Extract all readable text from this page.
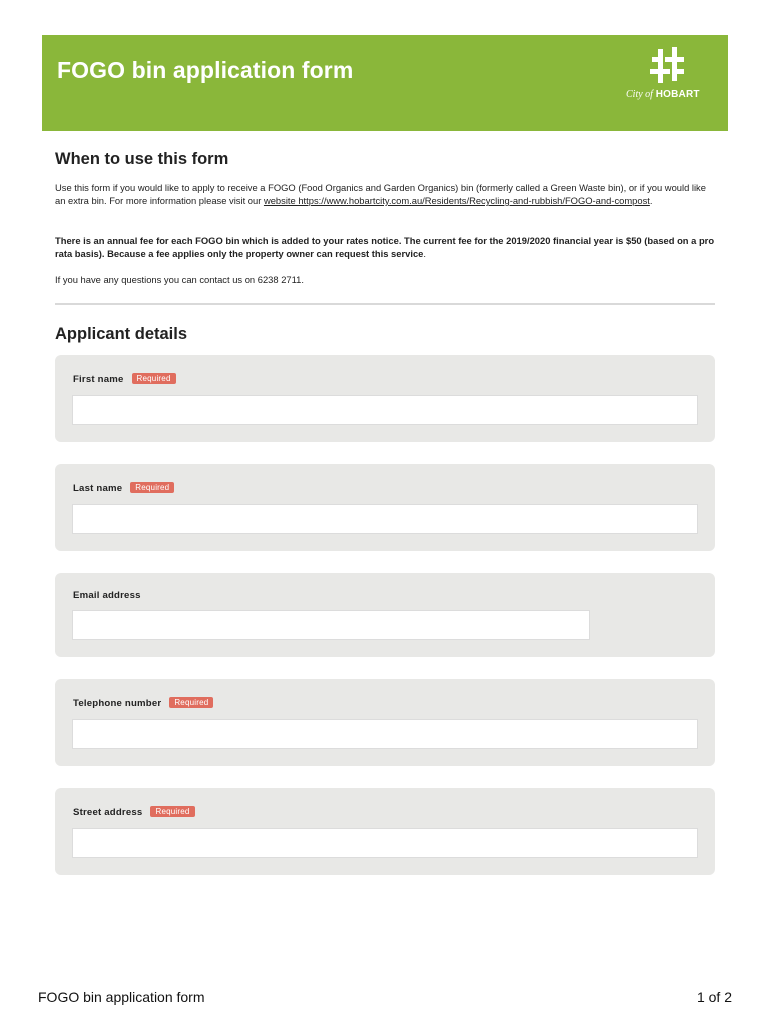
FOGO bin application form
City of HOBART
When to use this form
Use this form if you would like to apply to receive a FOGO (Food Organics and Garden Organics) bin (formerly called a Green Waste bin), or if you would like an extra bin. For more information please visit our website https://www.hobartcity.com.au/Residents/Recycling-and-rubbish/FOGO-and-compost.
There is an annual fee for each FOGO bin which is added to your rates notice. The current fee for the 2019/2020 financial year is $50 (based on a pro rata basis). Because a fee applies only the property owner can request this service.
If you have any questions you can contact us on 6238 2711.
Applicant details
First name Required
Last name Required
Email address
Telephone number Required
Street address Required
FOGO bin application form	1 of 2
